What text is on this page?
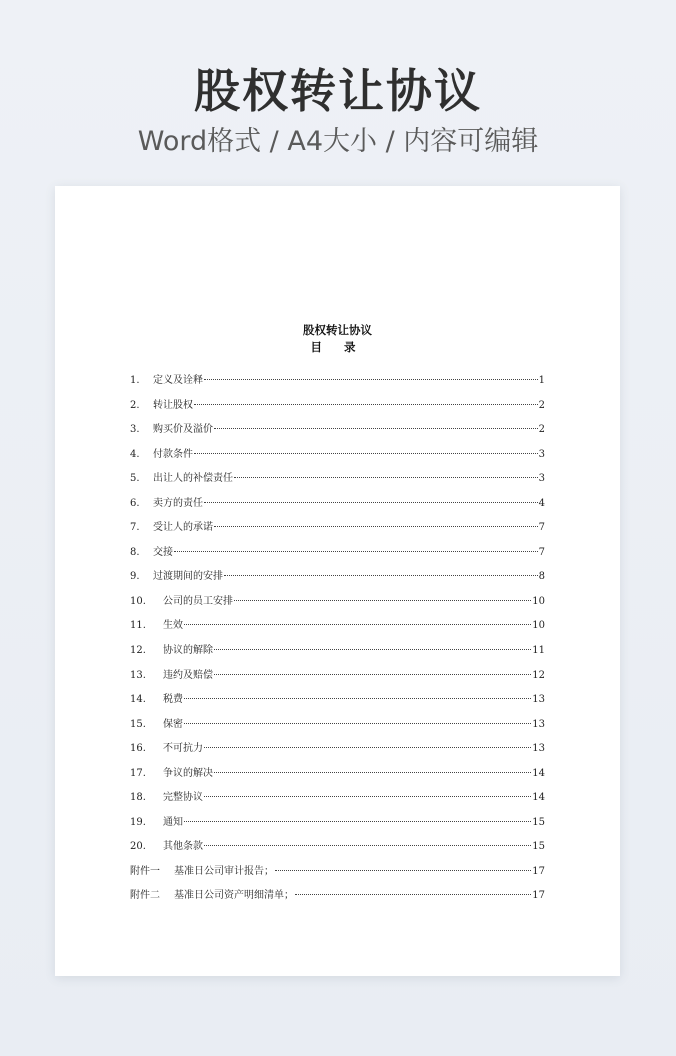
股权转让协议
Word格式 / A4大小 / 内容可编辑
股权转让协议
目 录
1.	定义及诠释	1
2.	转让股权	2
3.	购买价及溢价	2
4.	付款条件	3
5.	出让人的补偿责任	3
6.	卖方的责任	4
7.	受让人的承诺	7
8.	交接	7
9.	过渡期间的安排	8
10.	公司的员工安排	10
11.	生效	10
12.	协议的解除	11
13.	违约及赔偿	12
14.	税费	13
15.	保密	13
16.	不可抗力	13
17.	争议的解决	14
18.	完整协议	14
19.	通知	15
20.	其他条款	15
附件一	基准日公司审计报告；	17
附件二	基准日公司资产明细清单；	17
